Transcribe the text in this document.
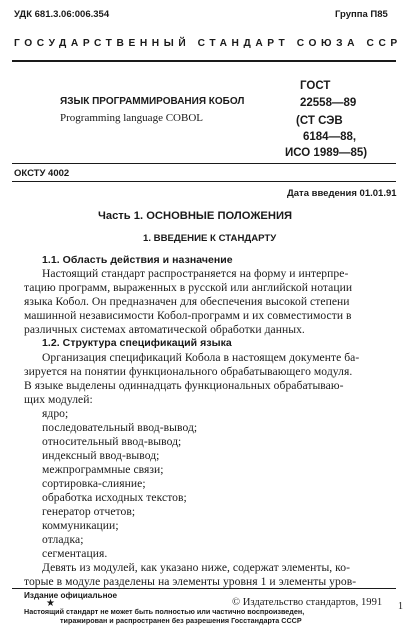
УДК 681.3.06:006.354	Группа П85
ГОСУДАРСТВЕННЫЙ СТАНДАРТ СОЮЗА ССР
ЯЗЫК ПРОГРАММИРОВАНИЯ КОБОЛ
Programming language COBOL
ГОСТ
22558—89
(СТ СЭВ
6184—88,
ИСО 1989—85)
ОКСТУ 4002
Дата введения 01.01.91
Часть 1. ОСНОВНЫЕ ПОЛОЖЕНИЯ
1. ВВЕДЕНИЕ К СТАНДАРТУ
1.1. Область действия и назначение
Настоящий стандарт распространяется на форму и интерпре-
тацию программ, выраженных в русской или английской нотации
языка Кобол. Он предназначен для обеспечения высокой степени
машинной независимости Кобол-программ и их совместимости в
различных системах автоматической обработки данных.
1.2. Структура спецификаций языка
Организация спецификаций Кобола в настоящем документе ба-
зируется на понятии функционального обрабатывающего модуля.
В языке выделены одиннадцать функциональных обрабатываю-
щих модулей:
ядро;
последовательный ввод-вывод;
относительный ввод-вывод;
индексный ввод-вывод;
межпрограммные связи;
сортировка-слияние;
обработка исходных текстов;
генератор отчетов;
коммуникации;
отладка;
сегментация.
Девять из модулей, как указано ниже, содержат элементы, ко-
торые в модуле разделены на элементы уровня 1 и элементы уров-
Издание официальное
★	© Издательство стандартов, 1991
Настоящий стандарт не может быть полностью или частично воспроизведен,
тиражирован и распространен без разрешения Госстандарта СССР
1
